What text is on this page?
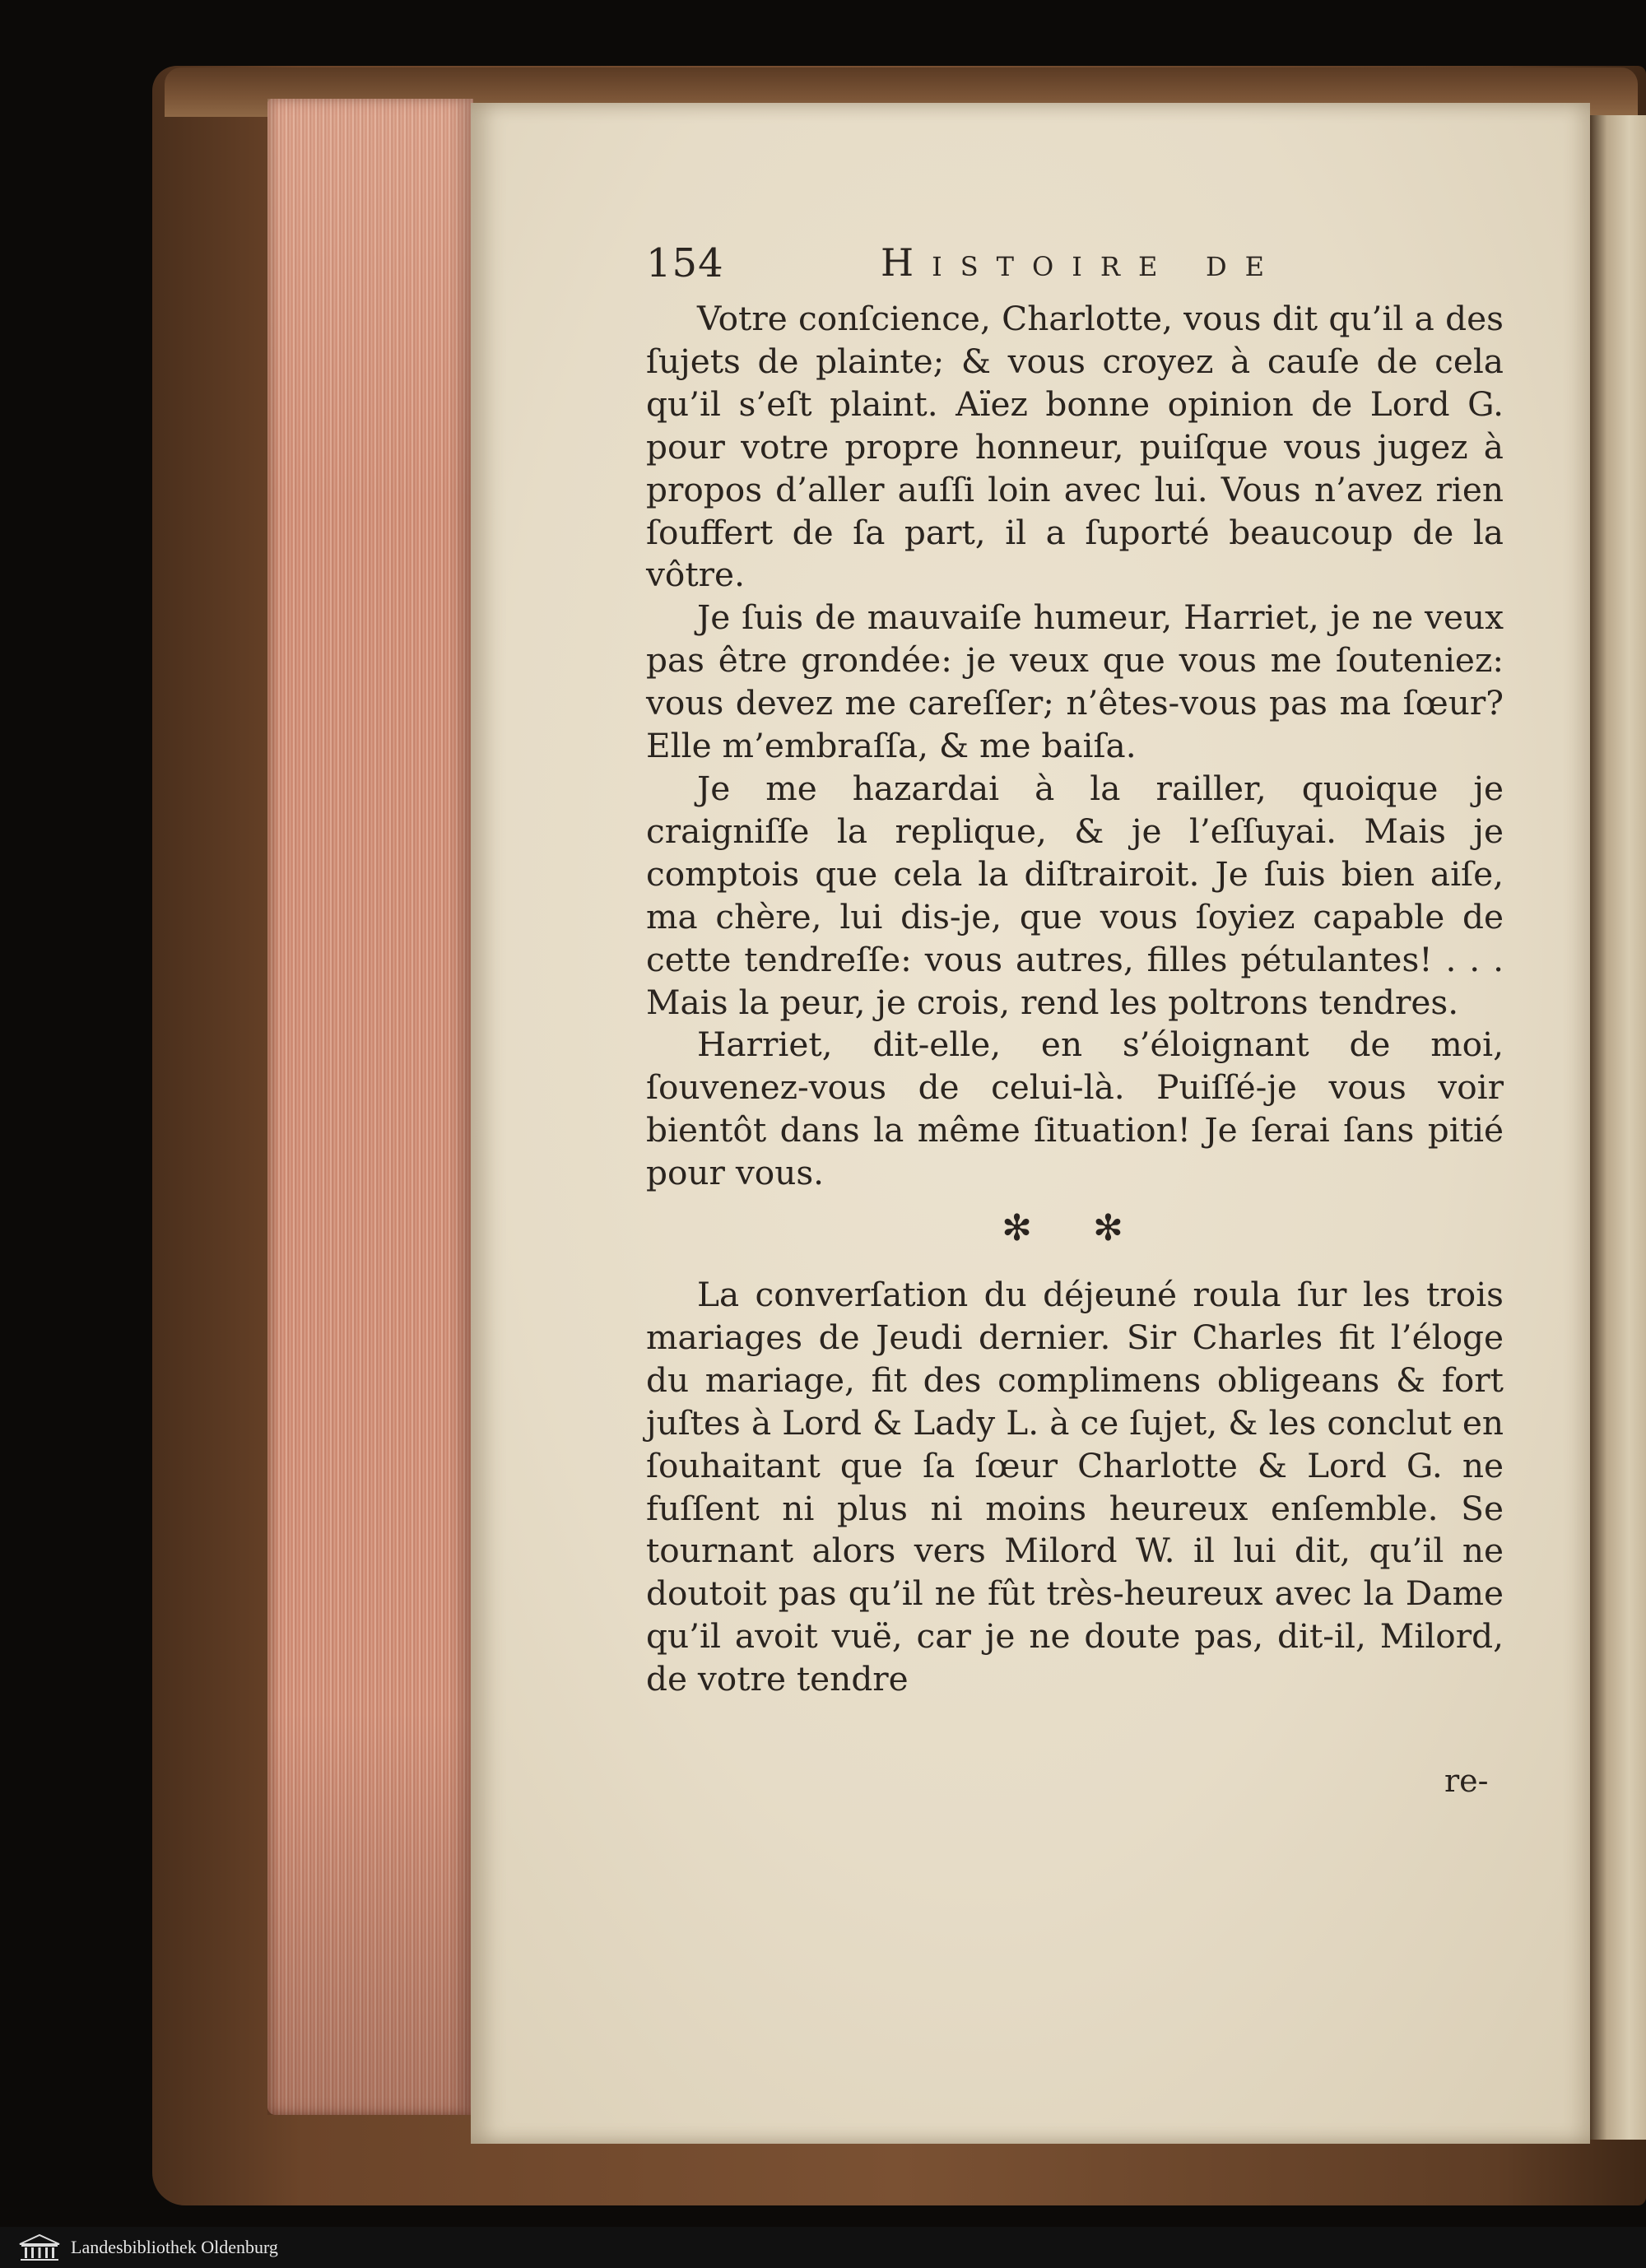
154	Histoire de

Votre conſcience, Charlotte, vous dit qu’il a des ſujets de plainte; & vous croyez à cauſe de cela qu’il s’eſt plaint. Aïez bonne opinion de Lord G. pour votre propre honneur, puiſque vous jugez à propos d’aller auſſi loin avec lui. Vous n’avez rien ſouffert de ſa part, il a ſuporté beaucoup de la vôtre.

Je ſuis de mauvaiſe humeur, Harriet, je ne veux pas être grondée: je veux que vous me ſouteniez: vous devez me careſſer; n’êtes-vous pas ma ſœur? Elle m’embraſſa, & me baiſa.

Je me hazardai à la railler, quoique je craigniſſe la replique, & je l’eſſuyai. Mais je comptois que cela la diſtrairoit. Je ſuis bien aiſe, ma chère, lui dis-je, que vous ſoyiez capable de cette tendreſſe: vous autres, filles pétulantes! . . . Mais la peur, je crois, rend les poltrons tendres.

Harriet, dit-elle, en s’éloignant de moi, ſouvenez-vous de celui-là. Puiſſé-je vous voir bientôt dans la même ſituation! Je ſerai ſans pitié pour vous.

✻ ✻

La converſation du déjeuné roula ſur les trois mariages de Jeudi dernier. Sir Charles fit l’éloge du mariage, fit des complimens obligeans & fort juſtes à Lord & Lady L. à ce ſujet, & les conclut en ſouhaitant que ſa ſœur Charlotte & Lord G. ne fuſſent ni plus ni moins heureux enſemble. Se tournant alors vers Milord W. il lui dit, qu’il ne doutoit pas qu’il ne fût très-heureux avec la Dame qu’il avoit vuë, car je ne doute pas, dit-il, Milord, de votre tendre

re-
Landesbibliothek Oldenburg
